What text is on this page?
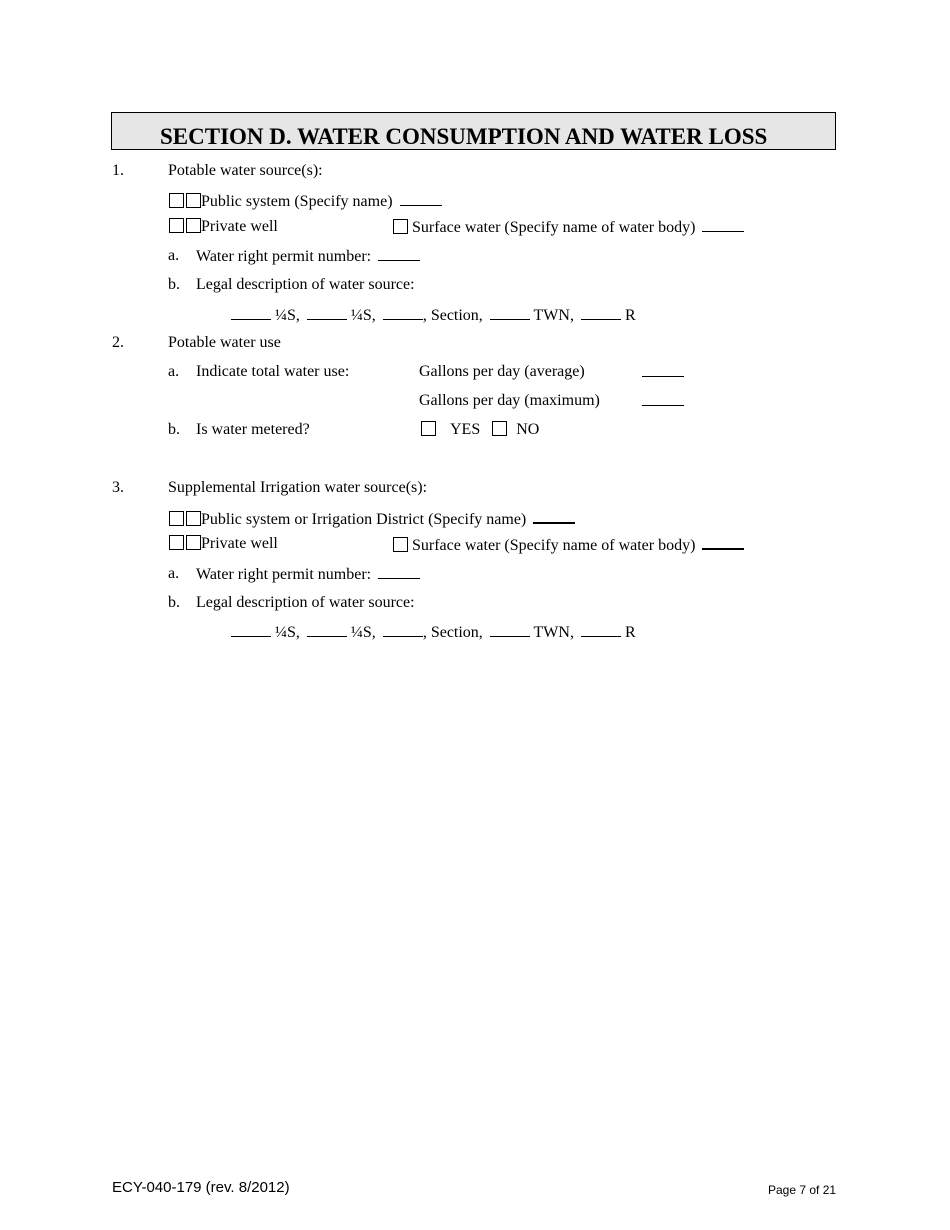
SECTION D. WATER CONSUMPTION AND WATER LOSS
1.	Potable water source(s):
Public system (Specify name)
Private well	Surface water (Specify name of water body)
a. Water right permit number:
b. Legal description of water source:
¼S,	¼S,	, Section,	TWN,	R
2.	Potable water use
a. Indicate total water use:	Gallons per day (average)
Gallons per day (maximum)
b. Is water metered?	YES NO
3.	Supplemental Irrigation water source(s):
Public system or Irrigation District (Specify name)
Private well	Surface water (Specify name of water body)
a. Water right permit number:
b. Legal description of water source:
¼S,	¼S,	, Section,	TWN,	R
ECY-040-179 (rev. 8/2012)	Page 7 of 21
